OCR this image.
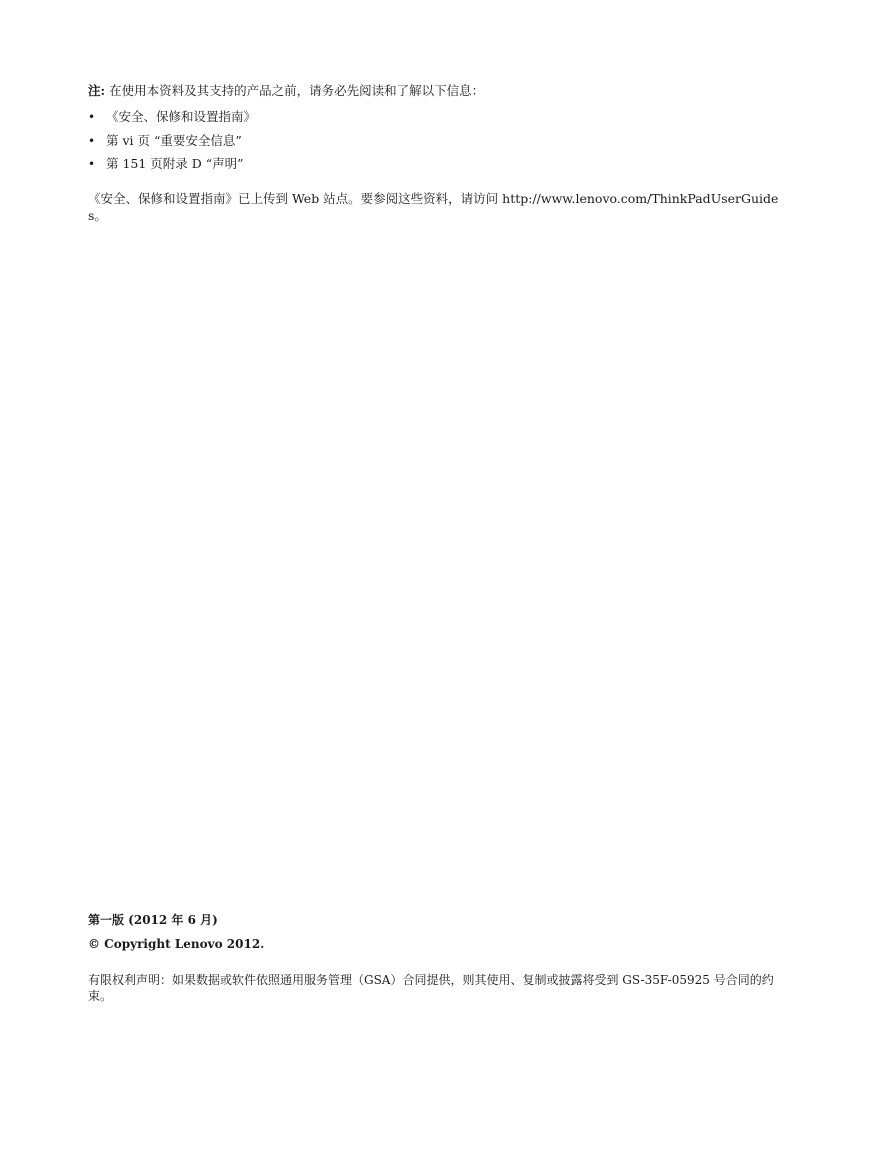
注: 在使用本资料及其支持的产品之前，请务必先阅读和了解以下信息：
• 《安全、保修和设置指南》
• 第 vi 页 “重要安全信息”
• 第 151 页附录 D “声明”
《安全、保修和设置指南》已上传到 Web 站点。要参阅这些资料，请访问 http://www.lenovo.com/ThinkPadUserGuides。
第一版 (2012 年 6 月)
© Copyright Lenovo 2012.
有限权利声明：如果数据或软件依照通用服务管理（GSA）合同提供，则其使用、复制或披露将受到 GS-35F-05925 号合同的约束。
